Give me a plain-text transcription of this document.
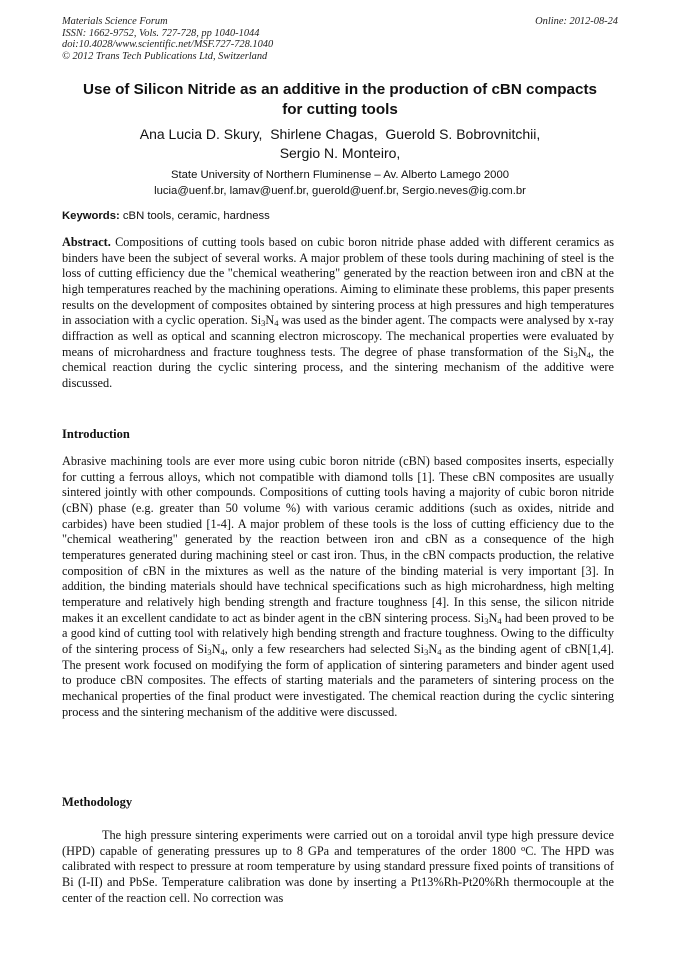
Materials Science Forum
ISSN: 1662-9752, Vols. 727-728, pp 1040-1044
doi:10.4028/www.scientific.net/MSF.727-728.1040
© 2012 Trans Tech Publications Ltd, Switzerland
Online: 2012-08-24
Use of Silicon Nitride as an additive in the production of cBN compacts
for cutting tools
Ana Lucia D. Skury,  Shirlene Chagas,  Guerold S. Bobrovnitchii,
Sergio N. Monteiro,
State University of Northern Fluminense – Av. Alberto Lamego 2000
lucia@uenf.br, lamav@uenf.br, guerold@uenf.br, Sergio.neves@ig.com.br
Keywords: cBN tools, ceramic, hardness
Abstract. Compositions of cutting tools based on cubic boron nitride phase added with different ceramics as binders have been the subject of several works. A major problem of these tools during machining of steel is the loss of cutting efficiency due the "chemical weathering" generated by the reaction between iron and cBN at the high temperatures reached by the machining operations. Aiming to eliminate these problems, this paper presents results on the development of composites obtained by sintering process at high pressures and high temperatures in association with a cyclic operation. $Si_3N_4$ was used as the binder agent. The compacts were analysed by x-ray diffraction as well as optical and scanning electron microscopy. The mechanical properties were evaluated by means of microhardness and fracture toughness tests. The degree of phase transformation of the $Si_3N_4$, the chemical reaction during the cyclic sintering process, and the sintering mechanism of the additive were discussed.
Introduction
Abrasive machining tools are ever more using cubic boron nitride (cBN) based composites inserts, especially for cutting a ferrous alloys, which not compatible with diamond tolls [1]. These cBN composites are usually sintered jointly with other compounds. Compositions of cutting tools having a majority of cubic boron nitride (cBN) phase (e.g. greater than 50 volume %) with various ceramic additions (such as oxides, nitride and carbides) have been studied [1-4]. A major problem of these tools is the loss of cutting efficiency due to the "chemical weathering" generated by the reaction between iron and cBN as a consequence of the high temperatures generated during machining steel or cast iron. Thus, in the cBN compacts production, the relative composition of cBN in the mixtures as well as the nature of the binding material is very important [3]. In addition, the binding materials should have technical specifications such as high microhardness, high melting temperature and relatively high bending strength and fracture toughness [4]. In this sense, the silicon nitride makes it an excellent candidate to act as binder agent in the cBN sintering process. $Si_3N_4$ had been proved to be a good kind of cutting tool with relatively high bending strength and fracture toughness. Owing to the difficulty of the sintering process of $Si_3N_4$, only a few researchers had selected $Si_3N_4$ as the binding agent of cBN[1,4]. The present work focused on modifying the form of application of sintering parameters and binder agent used to produce cBN composites. The effects of starting materials and the parameters of sintering process on the mechanical properties of the final product were investigated. The chemical reaction during the cyclic sintering process and the sintering mechanism of the additive were discussed.
Methodology
The high pressure sintering experiments were carried out on a toroidal anvil type high pressure device (HPD) capable of generating pressures up to 8 GPa and temperatures of the order 1800 $^o$C. The HPD was calibrated with respect to pressure at room temperature by using standard pressure fixed points of transitions of Bi (I-II) and PbSe. Temperature calibration was done by inserting a Pt13%Rh-Pt20%Rh thermocouple at the center of the reaction cell. No correction was
